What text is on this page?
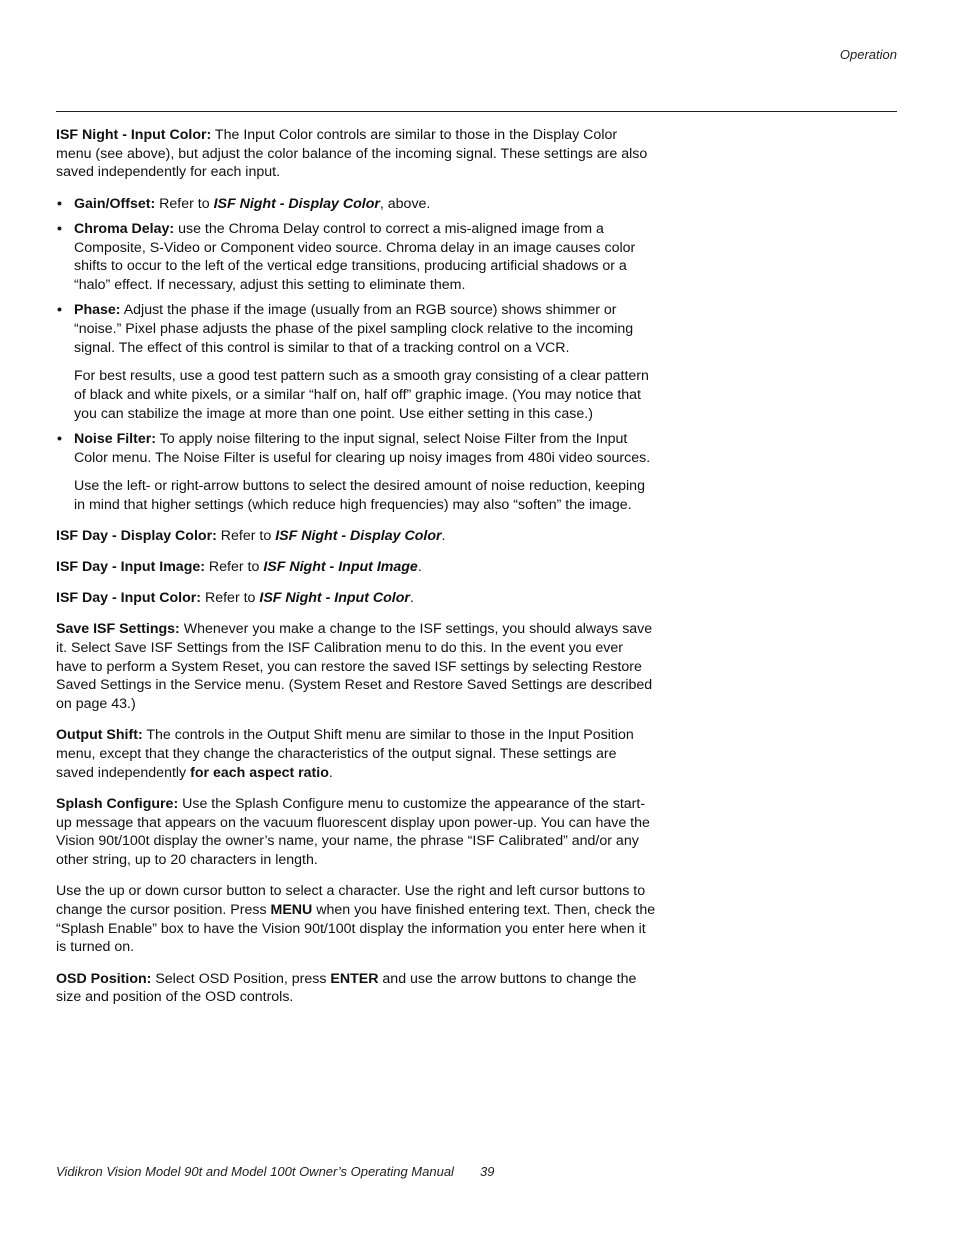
Operation

ISF Night - Input Color: The Input Color controls are similar to those in the Display Color menu (see above), but adjust the color balance of the incoming signal. These settings are also saved independently for each input.

• Gain/Offset: Refer to ISF Night - Display Color, above.
• Chroma Delay: use the Chroma Delay control to correct a mis-aligned image from a Composite, S-Video or Component video source. Chroma delay in an image causes color shifts to occur to the left of the vertical edge transitions, producing artificial shadows or a “halo” effect. If necessary, adjust this setting to eliminate them.
• Phase: Adjust the phase if the image (usually from an RGB source) shows shimmer or “noise.” Pixel phase adjusts the phase of the pixel sampling clock relative to the incoming signal. The effect of this control is similar to that of a tracking control on a VCR.

For best results, use a good test pattern such as a smooth gray consisting of a clear pattern of black and white pixels, or a similar “half on, half off” graphic image. (You may notice that you can stabilize the image at more than one point. Use either setting in this case.)

• Noise Filter: To apply noise filtering to the input signal, select Noise Filter from the Input Color menu. The Noise Filter is useful for clearing up noisy images from 480i video sources.

Use the left- or right-arrow buttons to select the desired amount of noise reduction, keeping in mind that higher settings (which reduce high frequencies) may also “soften” the image.

ISF Day - Display Color: Refer to ISF Night - Display Color.

ISF Day - Input Image: Refer to ISF Night - Input Image.

ISF Day - Input Color: Refer to ISF Night - Input Color.

Save ISF Settings: Whenever you make a change to the ISF settings, you should always save it. Select Save ISF Settings from the ISF Calibration menu to do this. In the event you ever have to perform a System Reset, you can restore the saved ISF settings by selecting Restore Saved Settings in the Service menu. (System Reset and Restore Saved Settings are described on page 43.)

Output Shift: The controls in the Output Shift menu are similar to those in the Input Position menu, except that they change the characteristics of the output signal. These settings are saved independently for each aspect ratio.

Splash Configure: Use the Splash Configure menu to customize the appearance of the start-up message that appears on the vacuum fluorescent display upon power-up. You can have the Vision 90t/100t display the owner’s name, your name, the phrase “ISF Calibrated” and/or any other string, up to 20 characters in length.

Use the up or down cursor button to select a character. Use the right and left cursor buttons to change the cursor position. Press MENU when you have finished entering text. Then, check the “Splash Enable” box to have the Vision 90t/100t display the information you enter here when it is turned on.

OSD Position: Select OSD Position, press ENTER and use the arrow buttons to change the size and position of the OSD controls.

Vidikron Vision Model 90t and Model 100t Owner’s Operating Manual 39
